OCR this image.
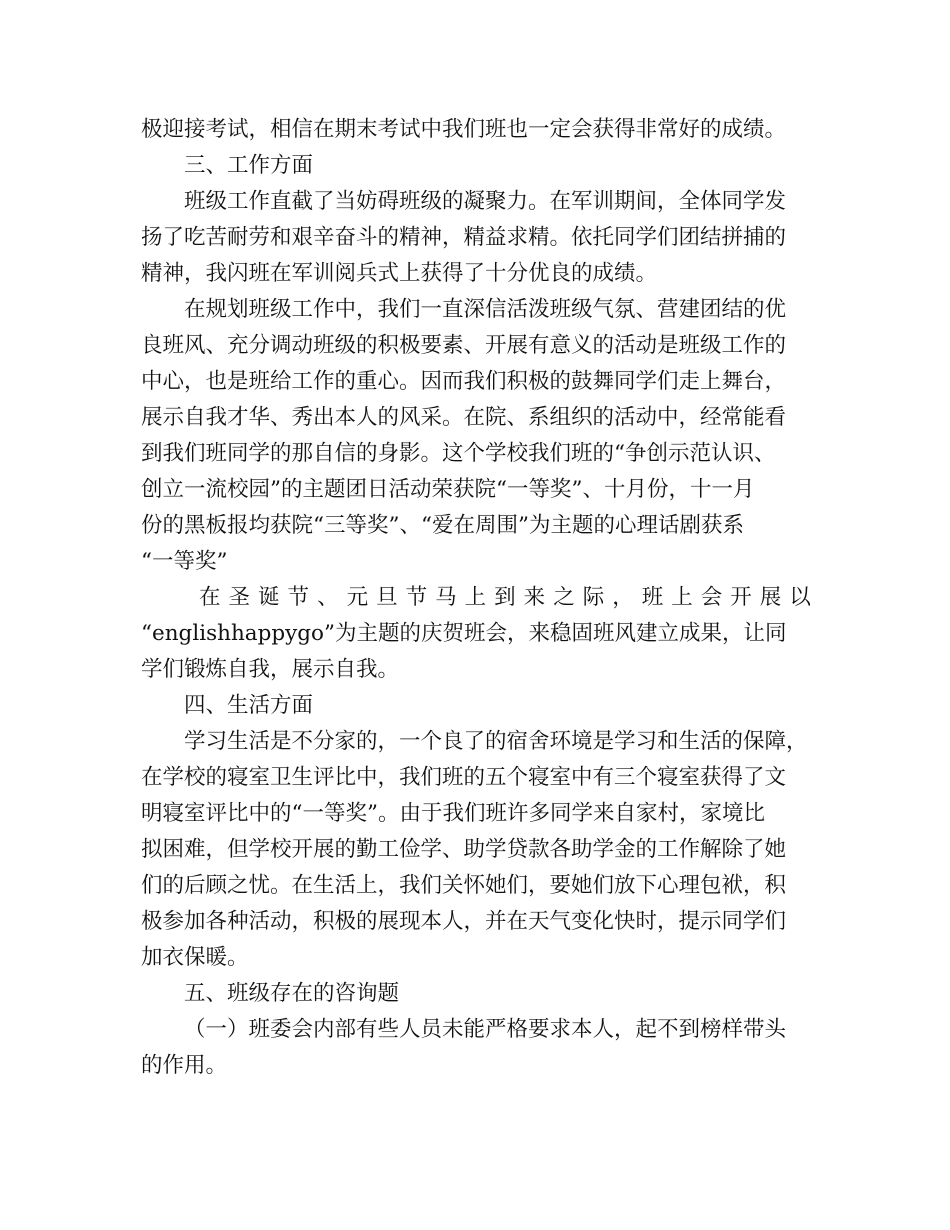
极迎接考试，相信在期末考试中我们班也一定会获得非常好的成绩。
三、工作方面
班级工作直截了当妨碍班级的凝聚力。在军训期间，全体同学发
扬了吃苦耐劳和艰辛奋斗的精神，精益求精。依托同学们团结拼捕的
精神，我闪班在军训阅兵式上获得了十分优良的成绩。
在规划班级工作中，我们一直深信活泼班级气氛、营建团结的优
良班风、充分调动班级的积极要素、开展有意义的活动是班级工作的
中心，也是班给工作的重心。因而我们积极的鼓舞同学们走上舞台，
展示自我才华、秀出本人的风采。在院、系组织的活动中，经常能看
到我们班同学的那自信的身影。这个学校我们班的“争创示范认识、
创立一流校园”的主题团日活动荣获院“一等奖”、十月份，十一月
份的黑板报均获院“三等奖”、“爱在周围”为主题的心理话剧获系
“一等奖”
在 圣 诞 节 、 元 旦 节 马 上 到 来 之 际 ， 班 上 会 开 展 以
“englishhappygo”为主题的庆贺班会，来稳固班风建立成果，让同
学们锻炼自我，展示自我。
四、生活方面
学习生活是不分家的，一个良了的宿舍环境是学习和生活的保障，
在学校的寝室卫生评比中，我们班的五个寝室中有三个寝室获得了文
明寝室评比中的“一等奖”。由于我们班许多同学来自家村，家境比
拟困难，但学校开展的勤工俭学、助学贷款各助学金的工作解除了她
们的后顾之忧。在生活上，我们关怀她们，要她们放下心理包袱，积
极参加各种活动，积极的展现本人，并在天气变化快时，提示同学们
加衣保暖。
五、班级存在的咨询题
（一）班委会内部有些人员未能严格要求本人，起不到榜样带头
的作用。
